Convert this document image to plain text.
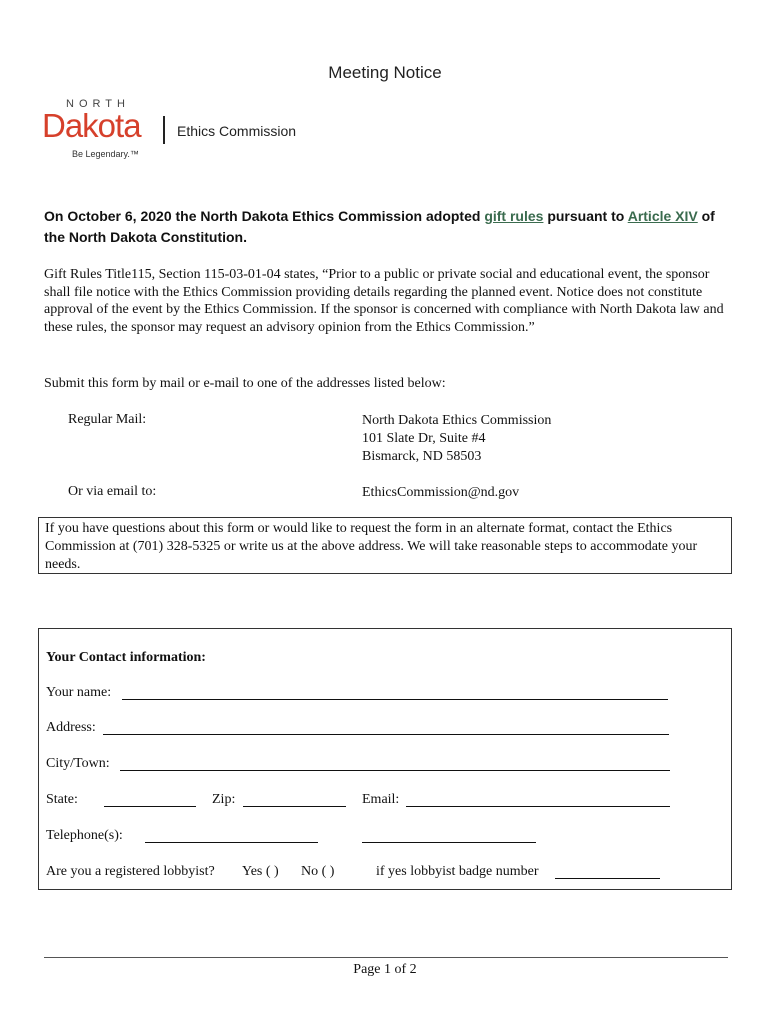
Meeting Notice
NORTH
Dakota	Ethics Commission
Be Legendary.™
On October 6, 2020 the North Dakota Ethics Commission adopted gift rules pursuant to Article XIV of the North Dakota Constitution.
Gift Rules Title115, Section 115-03-01-04 states, “Prior to a public or private social and educational event, the sponsor shall file notice with the Ethics Commission providing details regarding the planned event. Notice does not constitute approval of the event by the Ethics Commission. If the sponsor is concerned with compliance with North Dakota law and these rules, the sponsor may request an advisory opinion from the Ethics Commission.”
Submit this form by mail or e-mail to one of the addresses listed below:
Regular Mail:	North Dakota Ethics Commission
101 Slate Dr, Suite #4
Bismarck, ND 58503
Or via email to:	EthicsCommission@nd.gov
If you have questions about this form or would like to request the form in an alternate format, contact the Ethics Commission at (701) 328-5325 or write us at the above address. We will take reasonable steps to accommodate your needs.
Your Contact information:
Your name:
Address:
City/Town:
State:	Zip:	Email:
Telephone(s):
Are you a registered lobbyist? Yes ( ) No ( )	if yes lobbyist badge number
Page 1 of 2
